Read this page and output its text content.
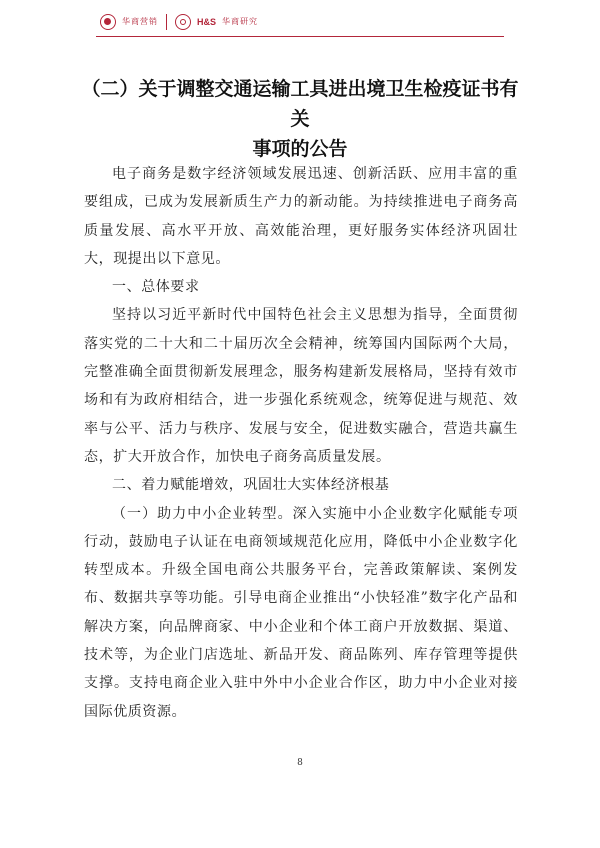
华商营销	H&S 华商研究
（二）关于调整交通运输工具进出境卫生检疫证书有关
事项的公告

电子商务是数字经济领域发展迅速、创新活跃、应用丰富的重要组成，已成为发展新质生产力的新动能。为持续推进电子商务高质量发展、高水平开放、高效能治理，更好服务实体经济巩固壮大，现提出以下意见。

一、总体要求

坚持以习近平新时代中国特色社会主义思想为指导，全面贯彻落实党的二十大和二十届历次全会精神，统筹国内国际两个大局，完整准确全面贯彻新发展理念，服务构建新发展格局，坚持有效市场和有为政府相结合，进一步强化系统观念，统筹促进与规范、效率与公平、活力与秩序、发展与安全，促进数实融合，营造共赢生态，扩大开放合作，加快电子商务高质量发展。

二、着力赋能增效，巩固壮大实体经济根基

（一）助力中小企业转型。深入实施中小企业数字化赋能专项行动，鼓励电子认证在电商领域规范化应用，降低中小企业数字化转型成本。升级全国电商公共服务平台，完善政策解读、案例发布、数据共享等功能。引导电商企业推出“小快轻准”数字化产品和解决方案，向品牌商家、中小企业和个体工商户开放数据、渠道、技术等，为企业门店选址、新品开发、商品陈列、库存管理等提供支撑。支持电商企业入驻中外中小企业合作区，助力中小企业对接国际优质资源。

8
